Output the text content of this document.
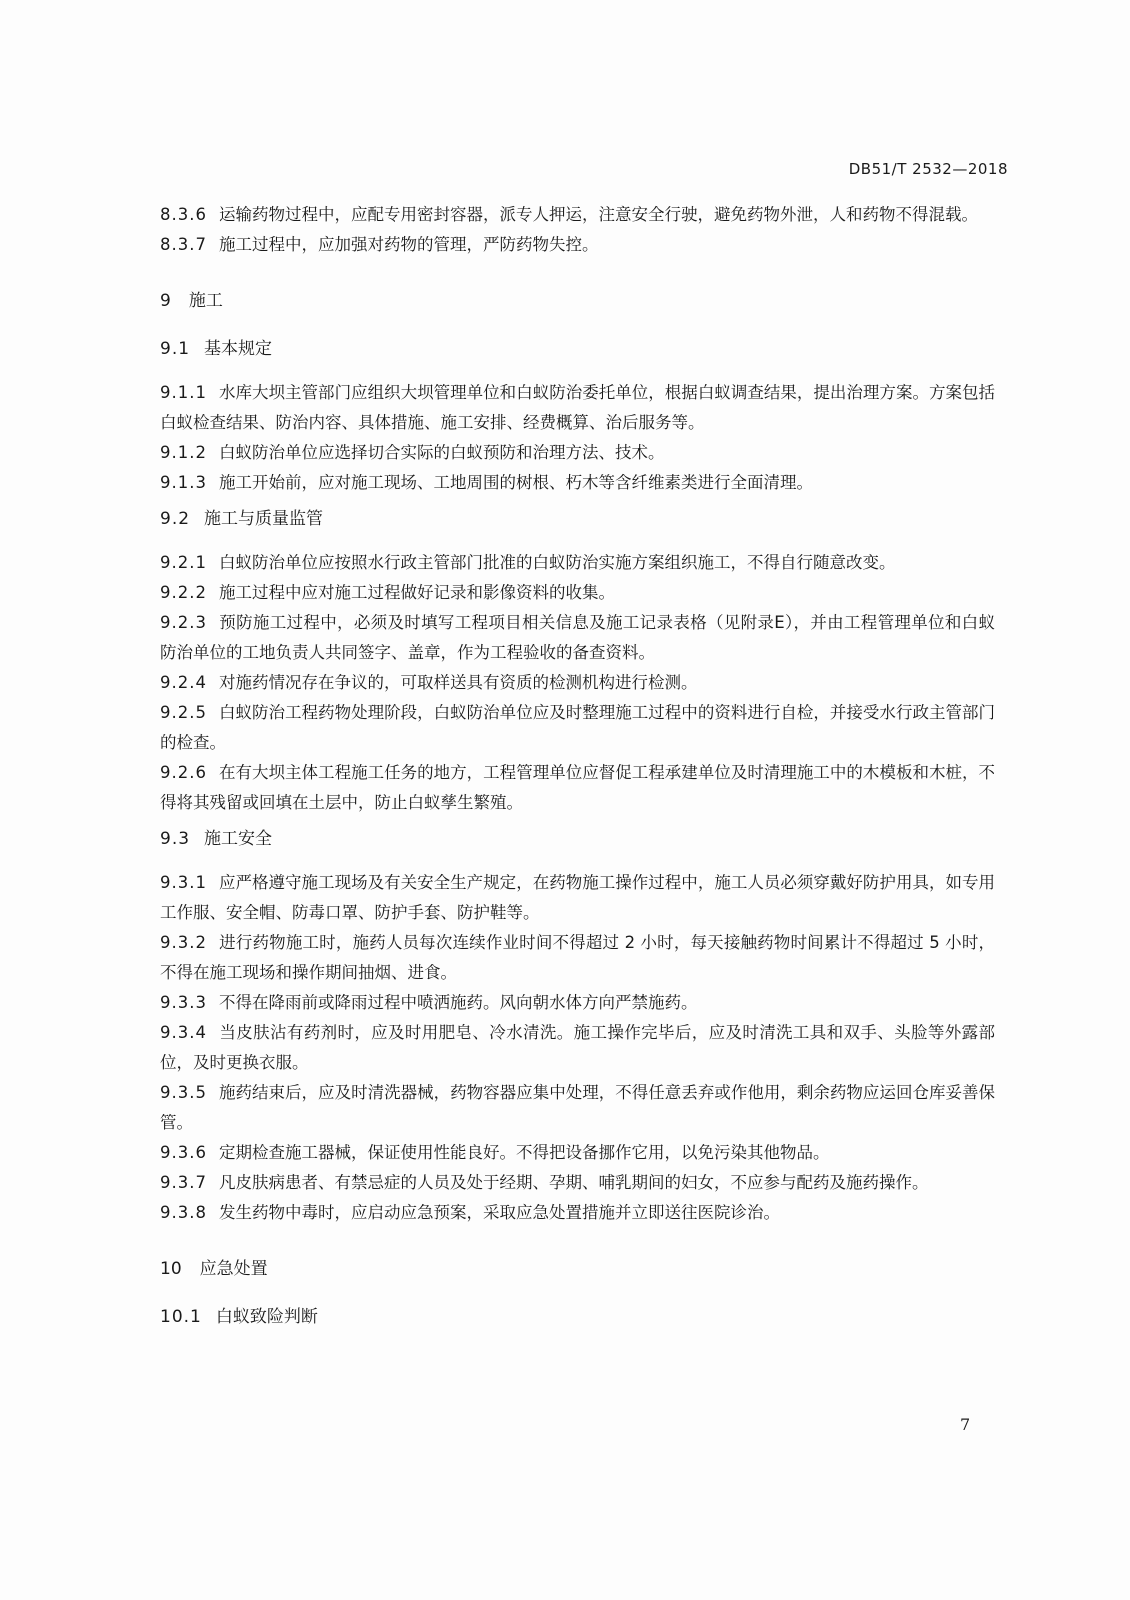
DB51/T 2532—2018
8.3.6 运输药物过程中，应配专用密封容器，派专人押运，注意安全行驶，避免药物外泄，人和药物不得混载。
8.3.7 施工过程中，应加强对药物的管理，严防药物失控。
9 施工
9.1 基本规定
9.1.1 水库大坝主管部门应组织大坝管理单位和白蚁防治委托单位，根据白蚁调查结果，提出治理方案。方案包括白蚁检查结果、防治内容、具体措施、施工安排、经费概算、治后服务等。
9.1.2 白蚁防治单位应选择切合实际的白蚁预防和治理方法、技术。
9.1.3 施工开始前，应对施工现场、工地周围的树根、朽木等含纤维素类进行全面清理。
9.2 施工与质量监管
9.2.1 白蚁防治单位应按照水行政主管部门批准的白蚁防治实施方案组织施工，不得自行随意改变。
9.2.2 施工过程中应对施工过程做好记录和影像资料的收集。
9.2.3 预防施工过程中，必须及时填写工程项目相关信息及施工记录表格（见附录E），并由工程管理单位和白蚁防治单位的工地负责人共同签字、盖章，作为工程验收的备查资料。
9.2.4 对施药情况存在争议的，可取样送具有资质的检测机构进行检测。
9.2.5 白蚁防治工程药物处理阶段，白蚁防治单位应及时整理施工过程中的资料进行自检，并接受水行政主管部门的检查。
9.2.6 在有大坝主体工程施工任务的地方，工程管理单位应督促工程承建单位及时清理施工中的木模板和木桩，不得将其残留或回填在土层中，防止白蚁孳生繁殖。
9.3 施工安全
9.3.1 应严格遵守施工现场及有关安全生产规定，在药物施工操作过程中，施工人员必须穿戴好防护用具，如专用工作服、安全帽、防毒口罩、防护手套、防护鞋等。
9.3.2 进行药物施工时，施药人员每次连续作业时间不得超过 2 小时，每天接触药物时间累计不得超过 5 小时，不得在施工现场和操作期间抽烟、进食。
9.3.3 不得在降雨前或降雨过程中喷洒施药。风向朝水体方向严禁施药。
9.3.4 当皮肤沾有药剂时，应及时用肥皂、冷水清洗。施工操作完毕后，应及时清洗工具和双手、头脸等外露部位，及时更换衣服。
9.3.5 施药结束后，应及时清洗器械，药物容器应集中处理，不得任意丢弃或作他用，剩余药物应运回仓库妥善保管。
9.3.6 定期检查施工器械，保证使用性能良好。不得把设备挪作它用，以免污染其他物品。
9.3.7 凡皮肤病患者、有禁忌症的人员及处于经期、孕期、哺乳期间的妇女，不应参与配药及施药操作。
9.3.8 发生药物中毒时，应启动应急预案，采取应急处置措施并立即送往医院诊治。
10 应急处置
10.1 白蚁致险判断
7
